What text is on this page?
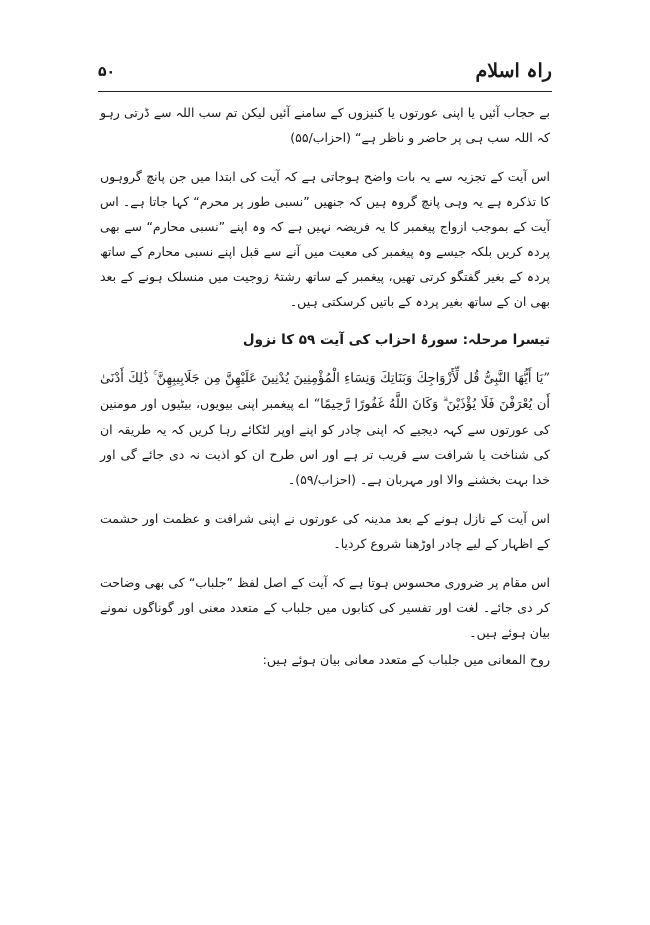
راہ اسلام
۵۰

بے حجاب آئیں یا اپنی عورتوں یا کنیزوں کے سامنے آئیں لیکن تم سب اللہ سے ڈرتی رہو کہ اللہ سب ہی پر حاضر و ناظر ہے“ (احزاب/۵۵)

اس آیت کے تجزیہ سے یہ بات واضح ہوجاتی ہے کہ آیت کی ابتدا میں جن پانچ گروہوں کا تذکرہ ہے یہ وہی پانچ گروہ ہیں کہ جنھیں ”نسبی طور پر محرم“ کہا جاتا ہے۔ اس آیت کے بموجب ازواج پیغمبر کا یہ فریضہ نہیں ہے کہ وہ اپنے ”نسبی محارم“ سے بھی پردہ کریں بلکہ جیسے وہ پیغمبر کی معیت میں آنے سے قبل اپنے نسبی محارم کے ساتھ پردہ کے بغیر گفتگو کرتی تھیں، پیغمبر کے ساتھ رشتۂ زوجیت میں منسلک ہونے کے بعد بھی ان کے ساتھ بغیر پردہ کے باتیں کرسکتی ہیں۔

تیسرا مرحلہ: سورۂ احزاب کی آیت ۵۹ کا نزول

”یَا أَیُّهَا النَّبِیُّ قُل لِّأَزْوَاجِكَ وَبَنَاتِكَ وَنِسَاءِ الْمُؤْمِنِینَ یُدْنِینَ عَلَیْهِنَّ مِن جَلَابِیبِهِنَّ ۚ ذَٰلِكَ أَدْنَىٰ أَن یُعْرَفْنَ فَلَا یُؤْذَیْنَ ۗ وَكَانَ اللَّهُ غَفُورًا رَّحِیمًا“ اے پیغمبر اپنی بیویوں، بیٹیوں اور مومنین کی عورتوں سے کہہ دیجیے کہ اپنی چادر کو اپنے اوپر لٹکائے رہا کریں کہ یہ طریقہ ان کی شناخت یا شرافت سے قریب تر ہے اور اس طرح ان کو اذیت نہ دی جائے گی اور خدا بہت بخشنے والا اور مہربان ہے۔ (احزاب/۵۹)۔

اس آیت کے نازل ہونے کے بعد مدینہ کی عورتوں نے اپنی شرافت و عظمت اور حشمت کے اظہار کے لیے چادر اوڑھنا شروع کردیا۔

اس مقام پر ضروری محسوس ہوتا ہے کہ آیت کے اصل لفظ ”جلباب“ کی بھی وضاحت کر دی جائے۔ لغت اور تفسیر کی کتابوں میں جلباب کے متعدد معنی اور گوناگوں نمونے بیان ہوئے ہیں۔

روح المعانی میں جلباب کے متعدد معانی بیان ہوئے ہیں:
